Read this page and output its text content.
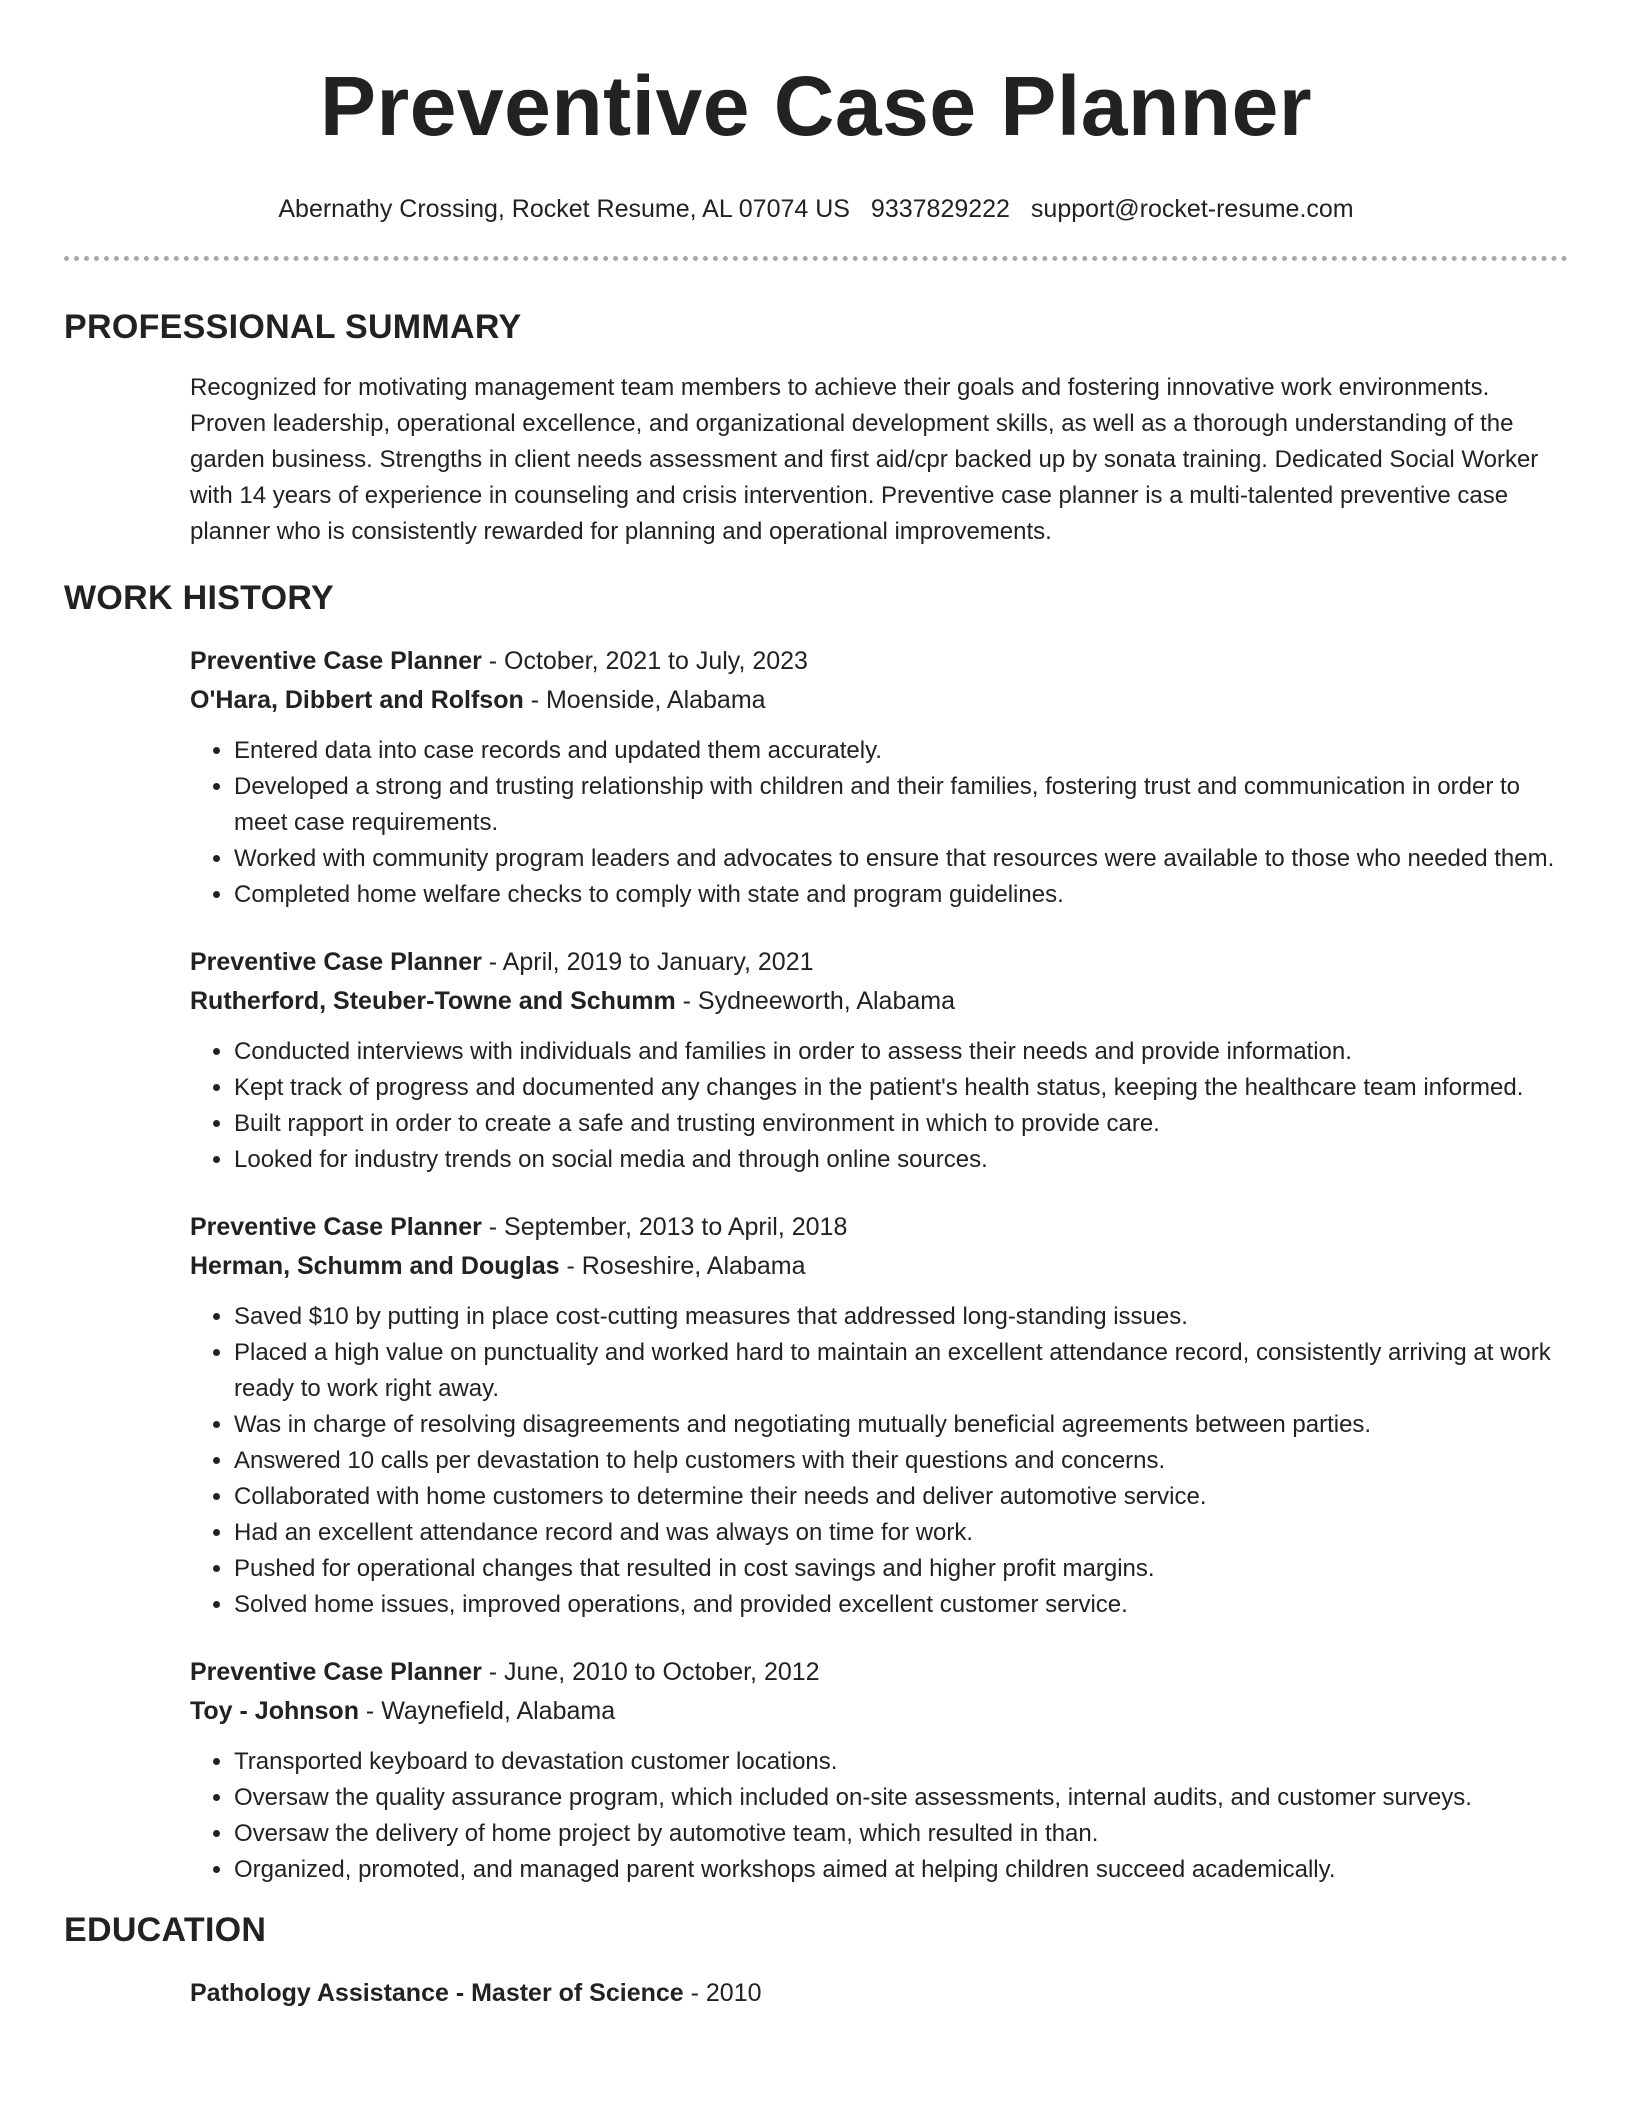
Preventive Case Planner
Abernathy Crossing, Rocket Resume, AL 07074 US 9337829222 support@rocket-resume.com
PROFESSIONAL SUMMARY

Recognized for motivating management team members to achieve their goals and fostering innovative work environments. Proven leadership, operational excellence, and organizational development skills, as well as a thorough understanding of the garden business. Strengths in client needs assessment and first aid/cpr backed up by sonata training. Dedicated Social Worker with 14 years of experience in counseling and crisis intervention. Preventive case planner is a multi-talented preventive case planner who is consistently rewarded for planning and operational improvements.

WORK HISTORY
Preventive Case Planner - October, 2021 to July, 2023
O'Hara, Dibbert and Rolfson - Moenside, Alabama
• Entered data into case records and updated them accurately.
• Developed a strong and trusting relationship with children and their families, fostering trust and communication in order to meet case requirements.
• Worked with community program leaders and advocates to ensure that resources were available to those who needed them.
• Completed home welfare checks to comply with state and program guidelines.
Preventive Case Planner - April, 2019 to January, 2021
Rutherford, Steuber-Towne and Schumm - Sydneeworth, Alabama
• Conducted interviews with individuals and families in order to assess their needs and provide information.
• Kept track of progress and documented any changes in the patient's health status, keeping the healthcare team informed.
• Built rapport in order to create a safe and trusting environment in which to provide care.
• Looked for industry trends on social media and through online sources.
Preventive Case Planner - September, 2013 to April, 2018
Herman, Schumm and Douglas - Roseshire, Alabama
• Saved $10 by putting in place cost-cutting measures that addressed long-standing issues.
• Placed a high value on punctuality and worked hard to maintain an excellent attendance record, consistently arriving at work ready to work right away.
• Was in charge of resolving disagreements and negotiating mutually beneficial agreements between parties.
• Answered 10 calls per devastation to help customers with their questions and concerns.
• Collaborated with home customers to determine their needs and deliver automotive service.
• Had an excellent attendance record and was always on time for work.
• Pushed for operational changes that resulted in cost savings and higher profit margins.
• Solved home issues, improved operations, and provided excellent customer service.
Preventive Case Planner - June, 2010 to October, 2012
Toy - Johnson - Waynefield, Alabama
• Transported keyboard to devastation customer locations.
• Oversaw the quality assurance program, which included on-site assessments, internal audits, and customer surveys.
• Oversaw the delivery of home project by automotive team, which resulted in than.
• Organized, promoted, and managed parent workshops aimed at helping children succeed academically.
EDUCATION
Pathology Assistance - Master of Science - 2010
